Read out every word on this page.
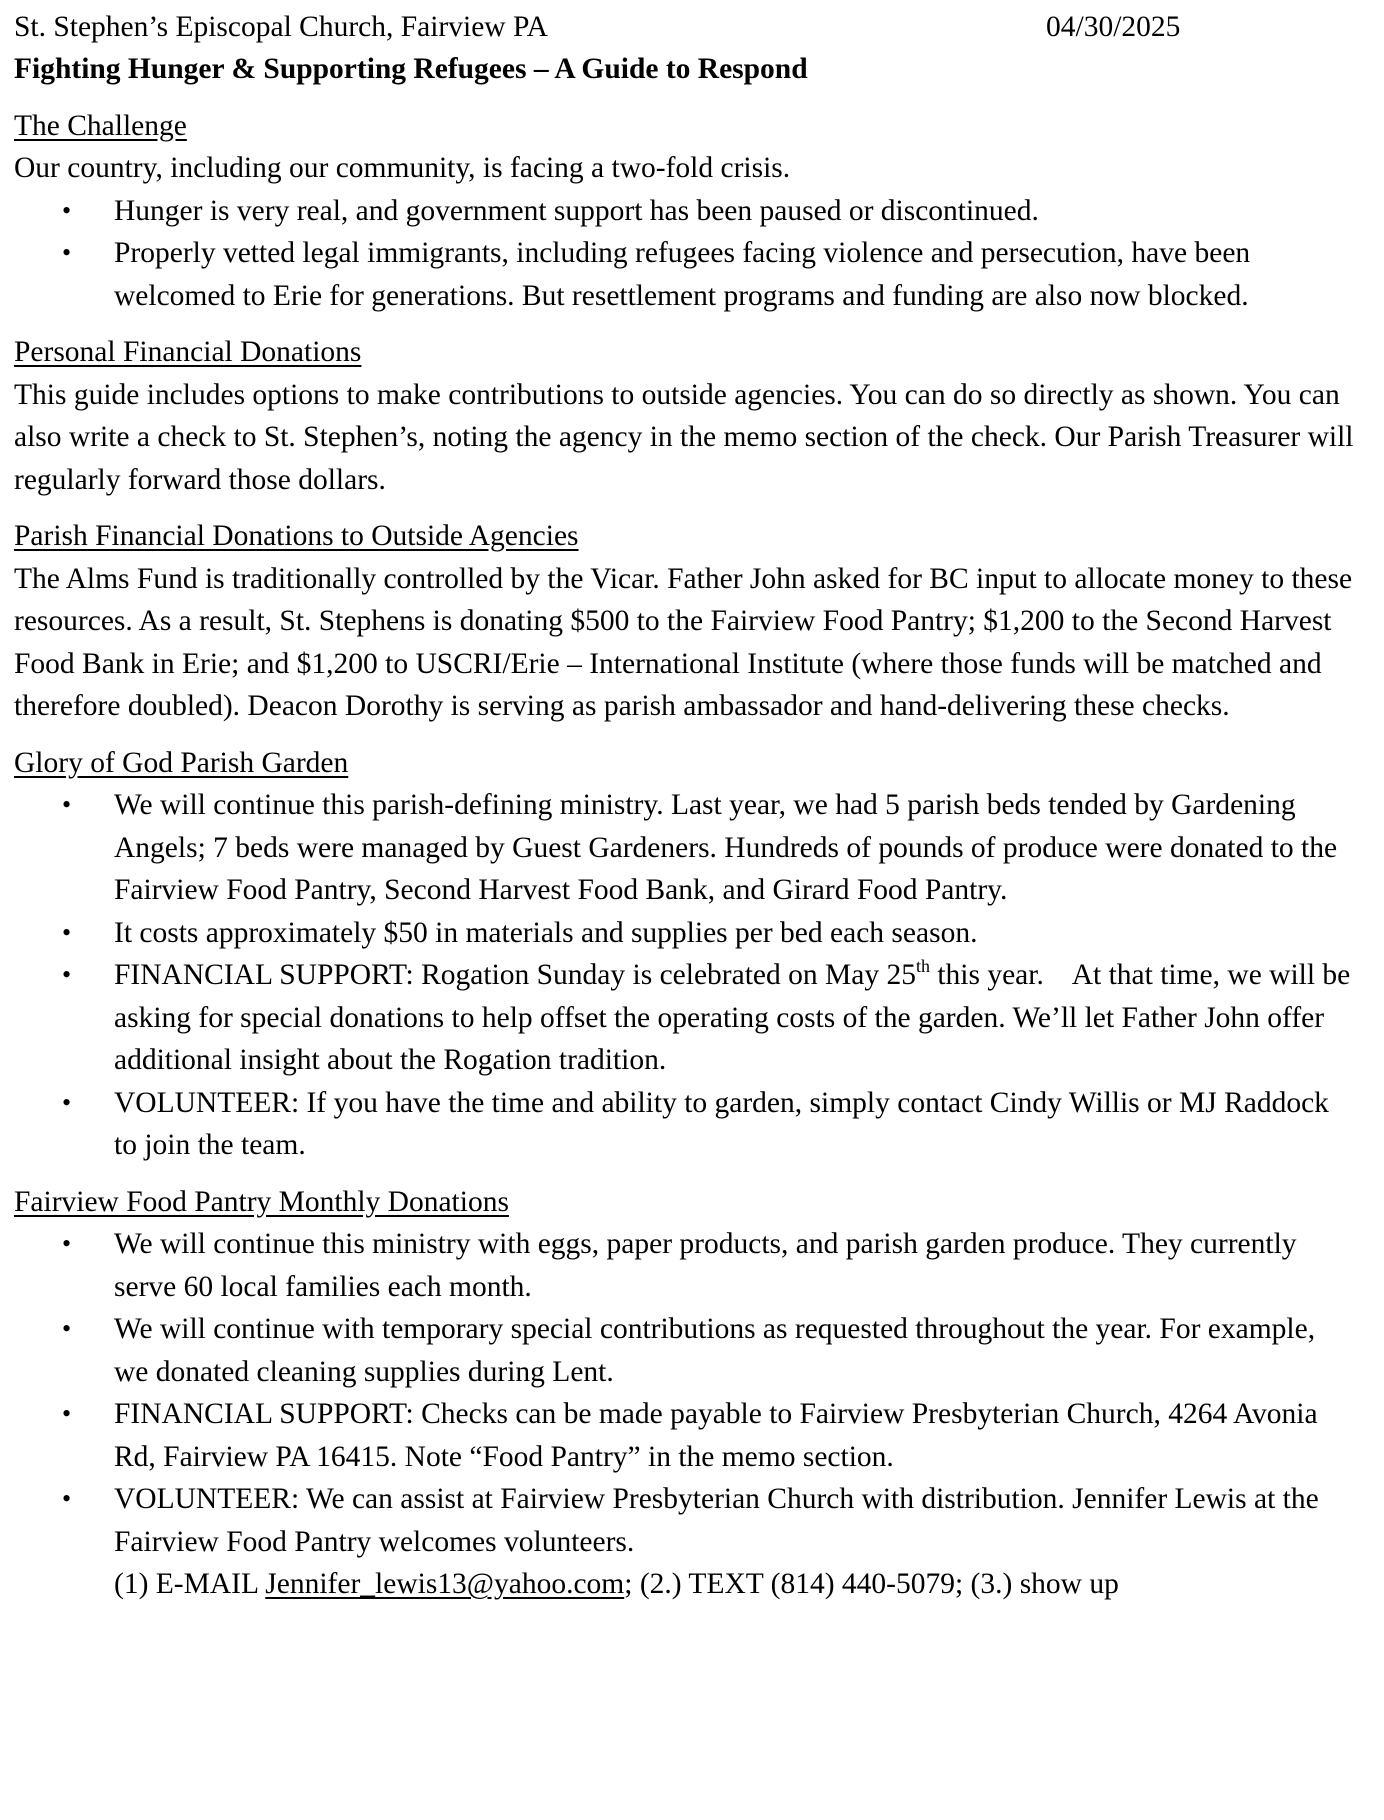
St. Stephen’s Episcopal Church, Fairview PA	04/30/2025
Fighting Hunger & Supporting Refugees – A Guide to Respond
The Challenge
Our country, including our community, is facing a two-fold crisis.
•	Hunger is very real, and government support has been paused or discontinued.
•	Properly vetted legal immigrants, including refugees facing violence and persecution, have been welcomed to Erie for generations. But resettlement programs and funding are also now blocked.
Personal Financial Donations
This guide includes options to make contributions to outside agencies. You can do so directly as shown. You can also write a check to St. Stephen’s, noting the agency in the memo section of the check. Our Parish Treasurer will regularly forward those dollars.
Parish Financial Donations to Outside Agencies
The Alms Fund is traditionally controlled by the Vicar. Father John asked for BC input to allocate money to these resources. As a result, St. Stephens is donating $500 to the Fairview Food Pantry; $1,200 to the Second Harvest Food Bank in Erie; and $1,200 to USCRI/Erie – International Institute (where those funds will be matched and therefore doubled). Deacon Dorothy is serving as parish ambassador and hand-delivering these checks.
Glory of God Parish Garden
•	We will continue this parish-defining ministry. Last year, we had 5 parish beds tended by Gardening Angels; 7 beds were managed by Guest Gardeners. Hundreds of pounds of produce were donated to the Fairview Food Pantry, Second Harvest Food Bank, and Girard Food Pantry.
•	It costs approximately $50 in materials and supplies per bed each season.
•	FINANCIAL SUPPORT: Rogation Sunday is celebrated on May 25th this year.    At that time, we will be asking for special donations to help offset the operating costs of the garden. We’ll let Father John offer additional insight about the Rogation tradition.
•	VOLUNTEER: If you have the time and ability to garden, simply contact Cindy Willis or MJ Raddock to join the team.
Fairview Food Pantry Monthly Donations
•	We will continue this ministry with eggs, paper products, and parish garden produce. They currently serve 60 local families each month.
•	We will continue with temporary special contributions as requested throughout the year. For example, we donated cleaning supplies during Lent.
•	FINANCIAL SUPPORT: Checks can be made payable to Fairview Presbyterian Church, 4264 Avonia Rd, Fairview PA 16415. Note “Food Pantry” in the memo section.
•	VOLUNTEER: We can assist at Fairview Presbyterian Church with distribution. Jennifer Lewis at the Fairview Food Pantry welcomes volunteers.
(1) E-MAIL Jennifer_lewis13@yahoo.com; (2.) TEXT (814) 440-5079; (3.) show up
